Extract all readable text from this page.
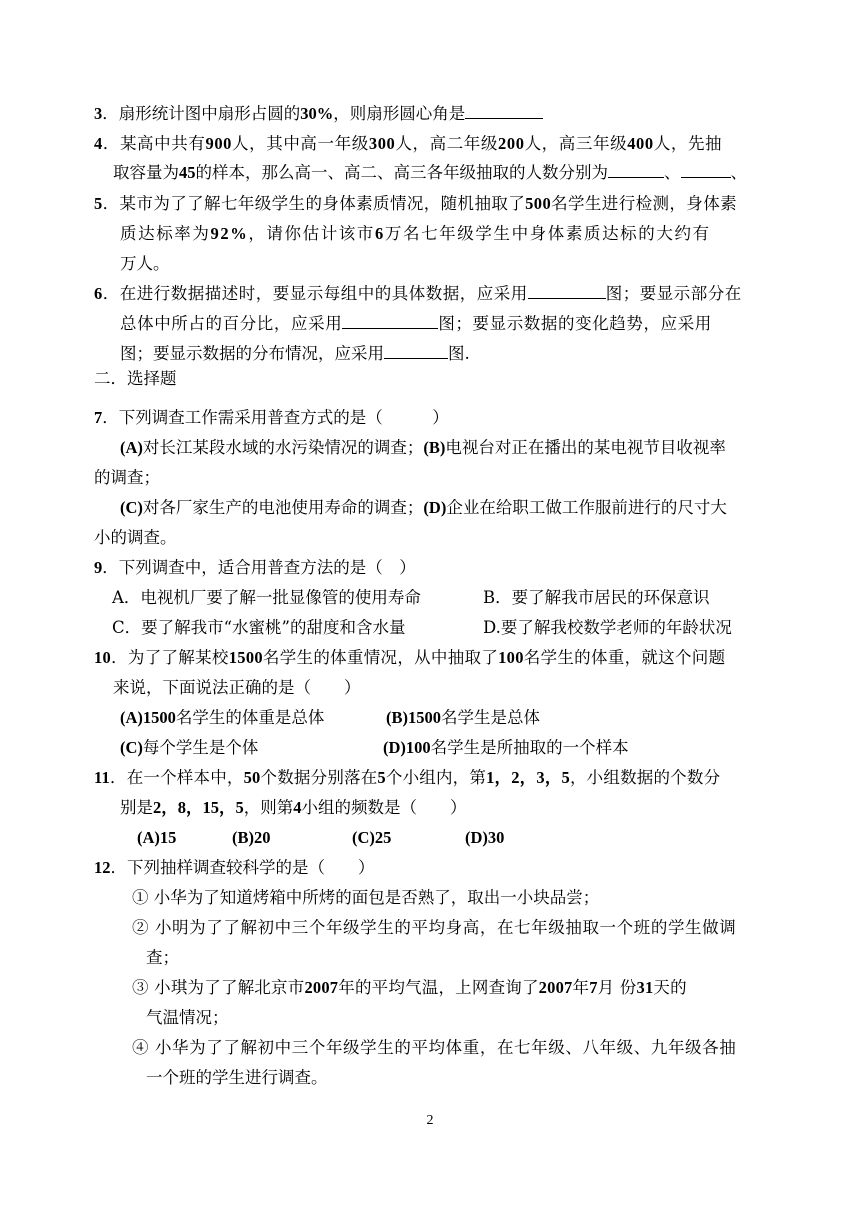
3．扇形统计图中扇形占圆的30%，则扇形圆心角是
4．某高中共有900人，其中高一年级300人，高二年级200人，高三年级400人，先抽
取容量为45的样本，那么高一、高二、高三各年级抽取的人数分别为	、	、
5．某市为了了解七年级学生的身体素质情况，随机抽取了500名学生进行检测，身体素
质达标率为92%，请你估计该市6万名七年级学生中身体素质达标的大约有
万人。
6．在进行数据描述时，要显示每组中的具体数据，应采用	图；要显示部分在
总体中所占的百分比，应采用	图；要显示数据的变化趋势，应采用
图；要显示数据的分布情况，应采用	图.
二．选择题
7．下列调查工作需采用普查方式的是（　　　）
(A)对长江某段水域的水污染情况的调查；(B)电视台对正在播出的某电视节目收视率
的调查；
(C)对各厂家生产的电池使用寿命的调查；(D)企业在给职工做工作服前进行的尺寸大
小的调查。
9．下列调查中，适合用普查方法的是（　）
A．电视机厂要了解一批显像管的使用寿命	B．要了解我市居民的环保意识
C．要了解我市“水蜜桃”的甜度和含水量	D.要了解我校数学老师的年龄状况
10．为了了解某校1500名学生的体重情况，从中抽取了100名学生的体重，就这个问题
来说，下面说法正确的是（　　）
(A)1500名学生的体重是总体	(B)1500名学生是总体
(C)每个学生是个体	(D)100名学生是所抽取的一个样本
11．在一个样本中，50个数据分别落在5个小组内，第1，2，3，5，小组数据的个数分
别是2，8，15，5，则第4小组的频数是（　　）
(A)15	(B)20	(C)25	(D)30
12．下列抽样调查较科学的是（　　）
① 小华为了知道烤箱中所烤的面包是否熟了，取出一小块品尝；
② 小明为了了解初中三个年级学生的平均身高，在七年级抽取一个班的学生做调
查；
③ 小琪为了了解北京市2007年的平均气温，上网查询了2007年7月 份31天的
气温情况；
④ 小华为了了解初中三个年级学生的平均体重，在七年级、八年级、九年级各抽
一个班的学生进行调查。
2
